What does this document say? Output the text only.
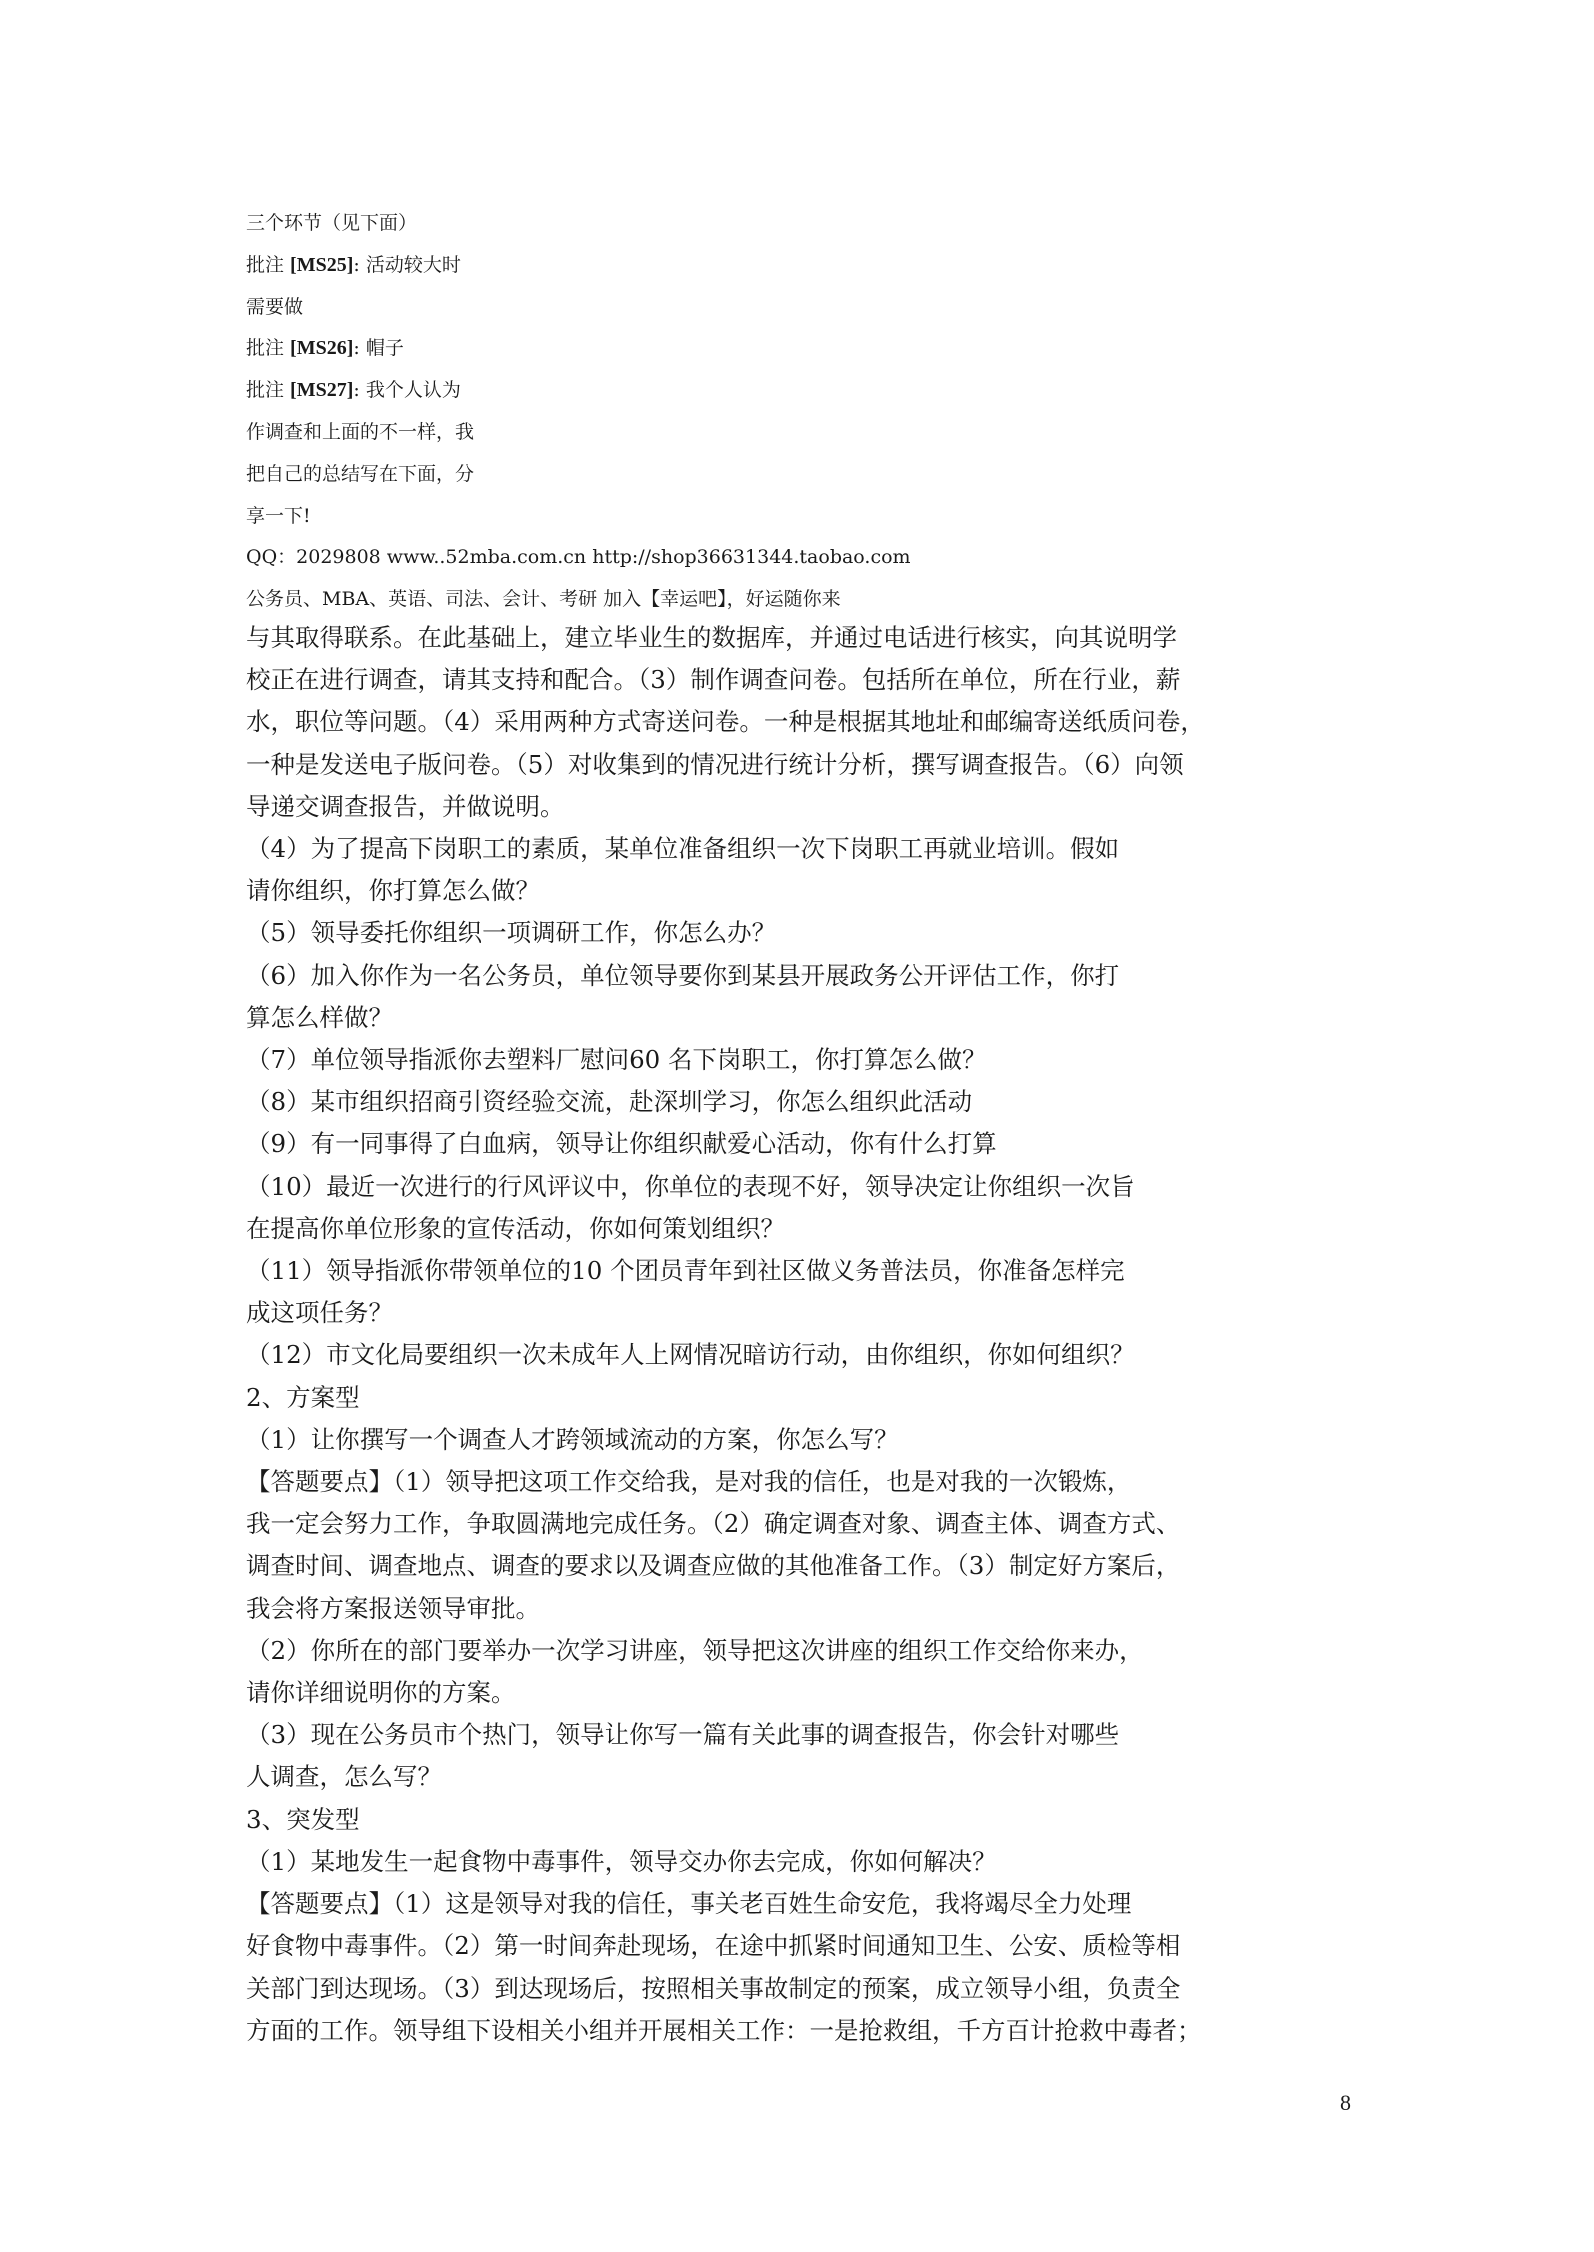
三个环节（见下面）
批注 [MS25]: 活动较大时
需要做
批注 [MS26]: 帽子
批注 [MS27]: 我个人认为
作调查和上面的不一样，我
把自己的总结写在下面，分
享一下!
QQ：2029808 www..52mba.com.cn http://shop36631344.taobao.com
公务员、MBA、英语、司法、会计、考研 加入【幸运吧】，好运随你来
与其取得联系。在此基础上，建立毕业生的数据库，并通过电话进行核实，向其说明学
校正在进行调查，请其支持和配合。（3）制作调查问卷。包括所在单位，所在行业，薪
水，职位等问题。（4）采用两种方式寄送问卷。一种是根据其地址和邮编寄送纸质问卷，
一种是发送电子版问卷。（5）对收集到的情况进行统计分析，撰写调查报告。（6）向领
导递交调查报告，并做说明。
（4）为了提高下岗职工的素质，某单位准备组织一次下岗职工再就业培训。假如
请你组织，你打算怎么做？
（5）领导委托你组织一项调研工作，你怎么办？
（6）加入你作为一名公务员，单位领导要你到某县开展政务公开评估工作，你打
算怎么样做？
（7）单位领导指派你去塑料厂慰问60 名下岗职工，你打算怎么做？
（8）某市组织招商引资经验交流，赴深圳学习，你怎么组织此活动
（9）有一同事得了白血病，领导让你组织献爱心活动，你有什么打算
（10）最近一次进行的行风评议中，你单位的表现不好，领导决定让你组织一次旨
在提高你单位形象的宣传活动，你如何策划组织？
（11）领导指派你带领单位的10 个团员青年到社区做义务普法员，你准备怎样完
成这项任务？
（12）市文化局要组织一次未成年人上网情况暗访行动，由你组织，你如何组织？
2、方案型
（1）让你撰写一个调查人才跨领域流动的方案，你怎么写？
【答题要点】（1）领导把这项工作交给我，是对我的信任，也是对我的一次锻炼，
我一定会努力工作，争取圆满地完成任务。（2）确定调查对象、调查主体、调查方式、
调查时间、调查地点、调查的要求以及调查应做的其他准备工作。（3）制定好方案后，
我会将方案报送领导审批。
（2）你所在的部门要举办一次学习讲座，领导把这次讲座的组织工作交给你来办，
请你详细说明你的方案。
（3）现在公务员市个热门，领导让你写一篇有关此事的调查报告，你会针对哪些
人调查，怎么写？
3、突发型
（1）某地发生一起食物中毒事件，领导交办你去完成，你如何解决？
【答题要点】（1）这是领导对我的信任，事关老百姓生命安危，我将竭尽全力处理
好食物中毒事件。（2）第一时间奔赴现场，在途中抓紧时间通知卫生、公安、质检等相
关部门到达现场。（3）到达现场后，按照相关事故制定的预案，成立领导小组，负责全
方面的工作。领导组下设相关小组并开展相关工作：一是抢救组，千方百计抢救中毒者；
8
